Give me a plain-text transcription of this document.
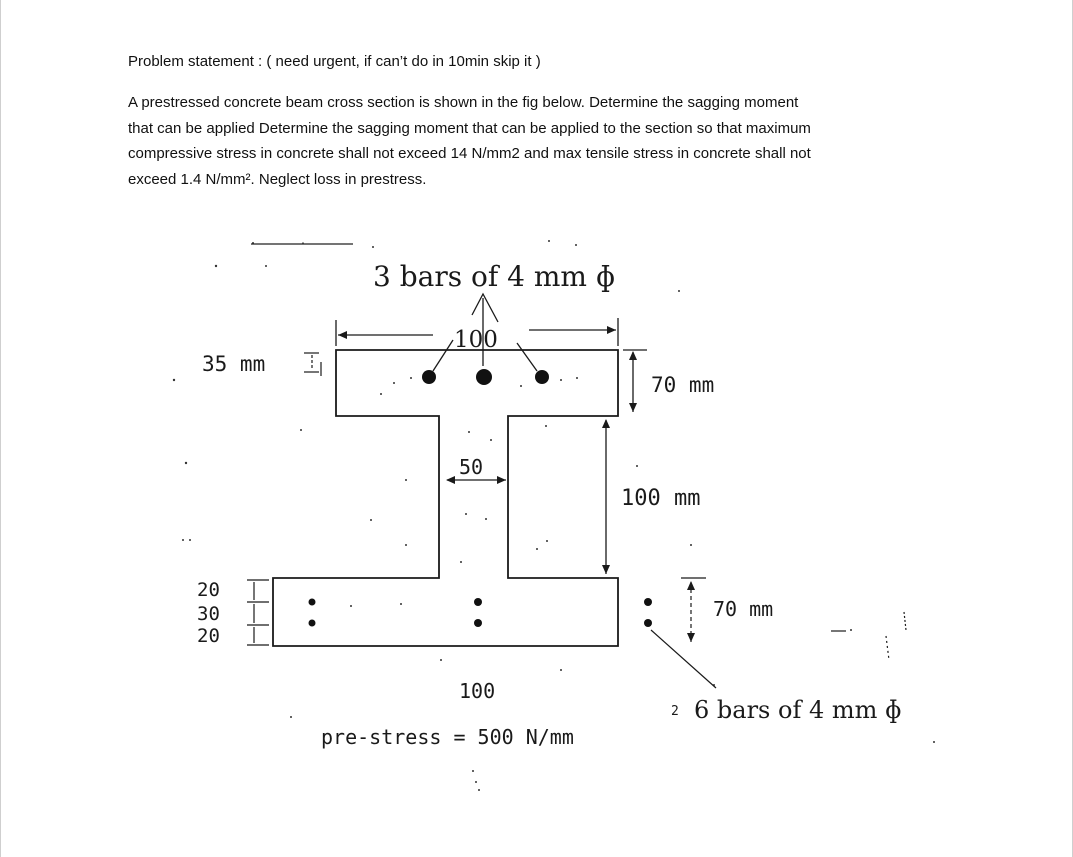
Problem statement : ( need urgent, if can’t do in 10min skip it )
A prestressed concrete beam cross section is shown in the fig below. Determine the sagging moment
that can be applied Determine the sagging moment that can be applied to the section so that maximum
compressive stress in concrete shall not exceed 14 N/mm2 and max tensile stress in concrete shall not
exceed 1.4 N/mm². Neglect loss in prestress.
100
3 bars of 4 mm ɸ
35 mm
70 mm
50
100 mm
20
30
20
70 mm
100
6 bars of 4 mm ɸ
pre-stress = 500 N/mm
2
